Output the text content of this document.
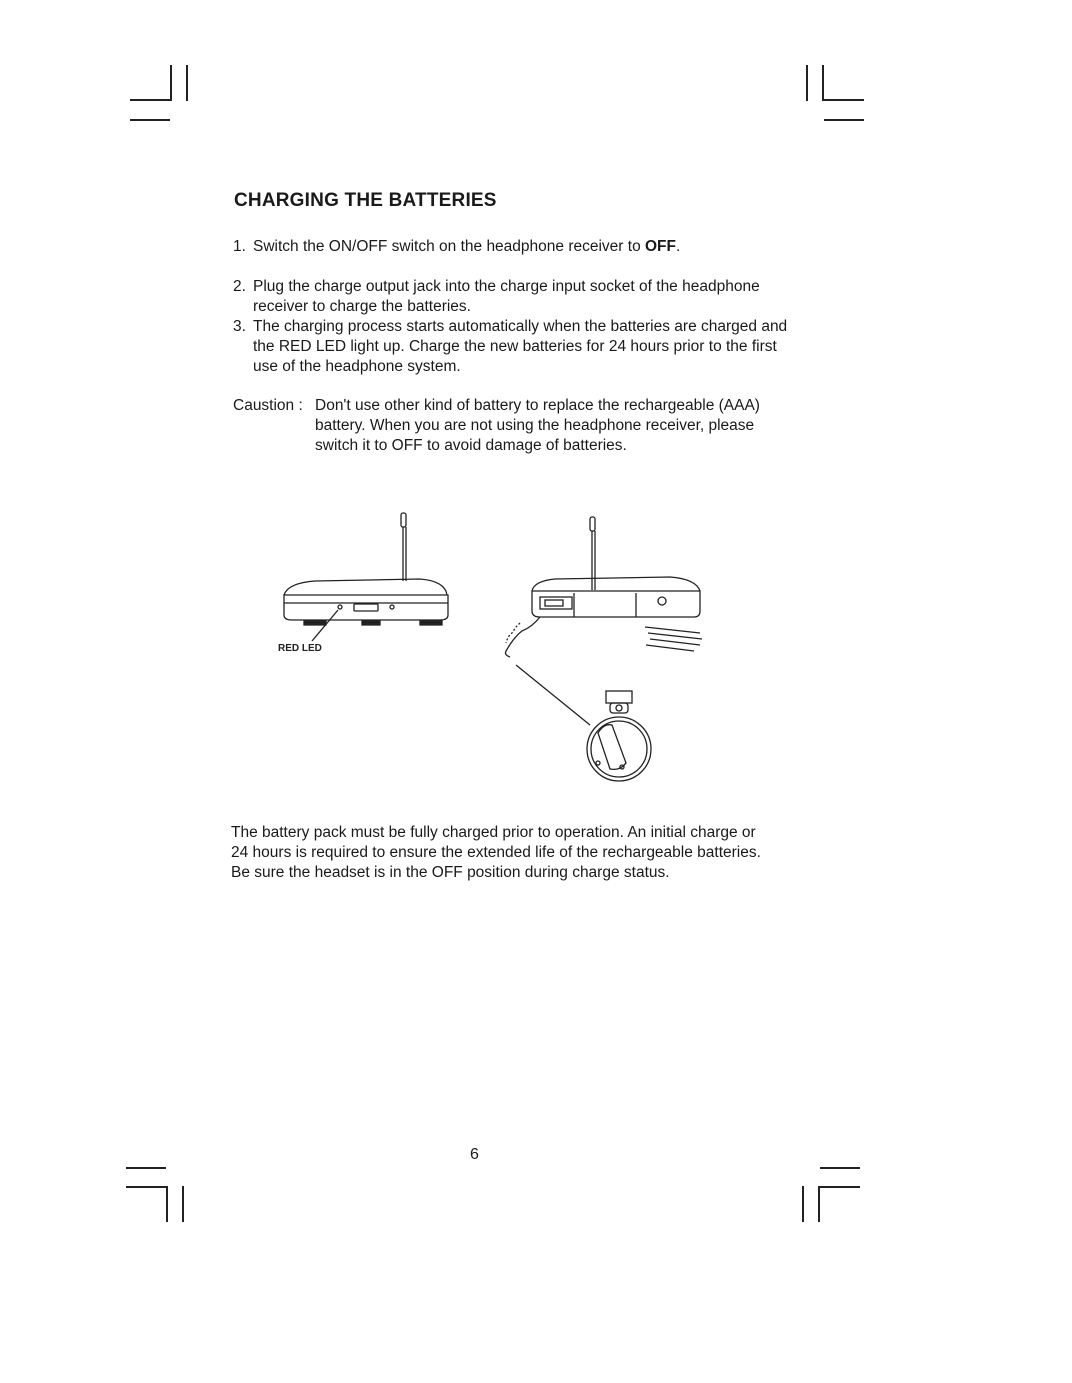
CHARGING THE BATTERIES
1. Switch the ON/OFF switch on the headphone receiver to OFF.
2. Plug the charge output jack into the charge input socket of the headphone receiver to charge the batteries.
3. The charging process starts automatically when the batteries are charged and the RED LED light up. Charge the new batteries for 24 hours prior to the first use of the headphone system.
Caustion : Don't use other kind of battery to replace the rechargeable (AAA) battery. When you are not using the headphone receiver, please switch it to OFF to avoid damage of batteries.
RED LED

The battery pack must be fully charged prior to operation. An initial charge or 24 hours is required to ensure the extended life of the rechargeable batteries. Be sure the headset is in the OFF position during charge status.

6
